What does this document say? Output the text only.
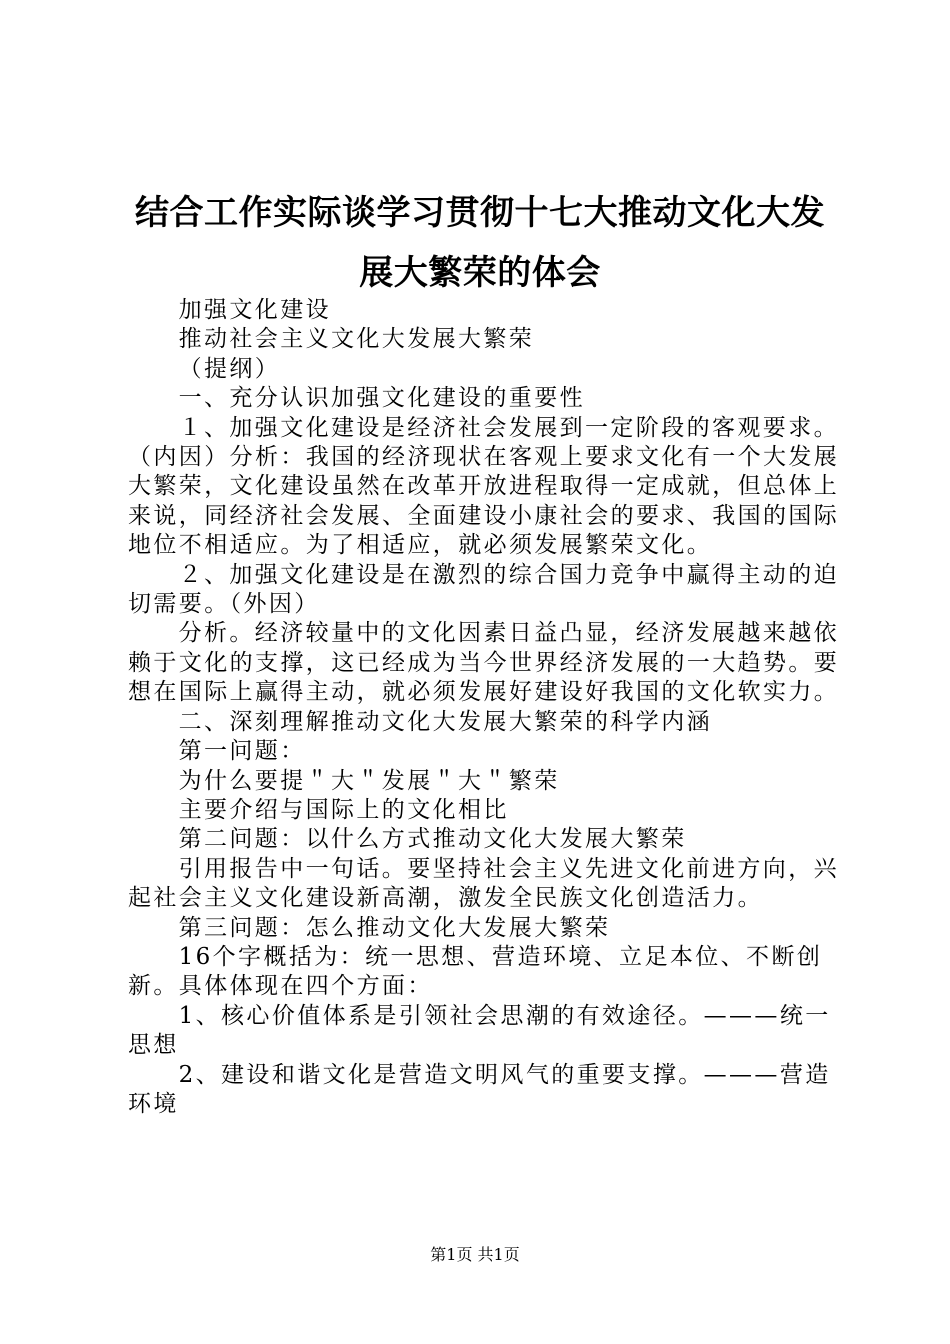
结合工作实际谈学习贯彻十七大推动文化大发
展大繁荣的体会

加强文化建设

推动社会主义文化大发展大繁荣

（提纲）

一、充分认识加强文化建设的重要性

１、加强文化建设是经济社会发展到一定阶段的客观要求。（内因）分析：我国的经济现状在客观上要求文化有一个大发展大繁荣，文化建设虽然在改革开放进程取得一定成就，但总体上来说，同经济社会发展、全面建设小康社会的要求、我国的国际地位不相适应。为了相适应，就必须发展繁荣文化。

２、加强文化建设是在激烈的综合国力竞争中赢得主动的迫切需要。（外因）

分析。经济较量中的文化因素日益凸显，经济发展越来越依赖于文化的支撑，这已经成为当今世界经济发展的一大趋势。要想在国际上赢得主动，就必须发展好建设好我国的文化软实力。

二、深刻理解推动文化大发展大繁荣的科学内涵

第一问题：

为什么要提＂大＂发展＂大＂繁荣

主要介绍与国际上的文化相比

第二问题：以什么方式推动文化大发展大繁荣

引用报告中一句话。要坚持社会主义先进文化前进方向，兴起社会主义文化建设新高潮，激发全民族文化创造活力。

第三问题：怎么推动文化大发展大繁荣

16个字概括为：统一思想、营造环境、立足本位、不断创新。具体体现在四个方面：

1、核心价值体系是引领社会思潮的有效途径。———统一思想

2、建设和谐文化是营造文明风气的重要支撑。———营造环境

第1页 共1页
